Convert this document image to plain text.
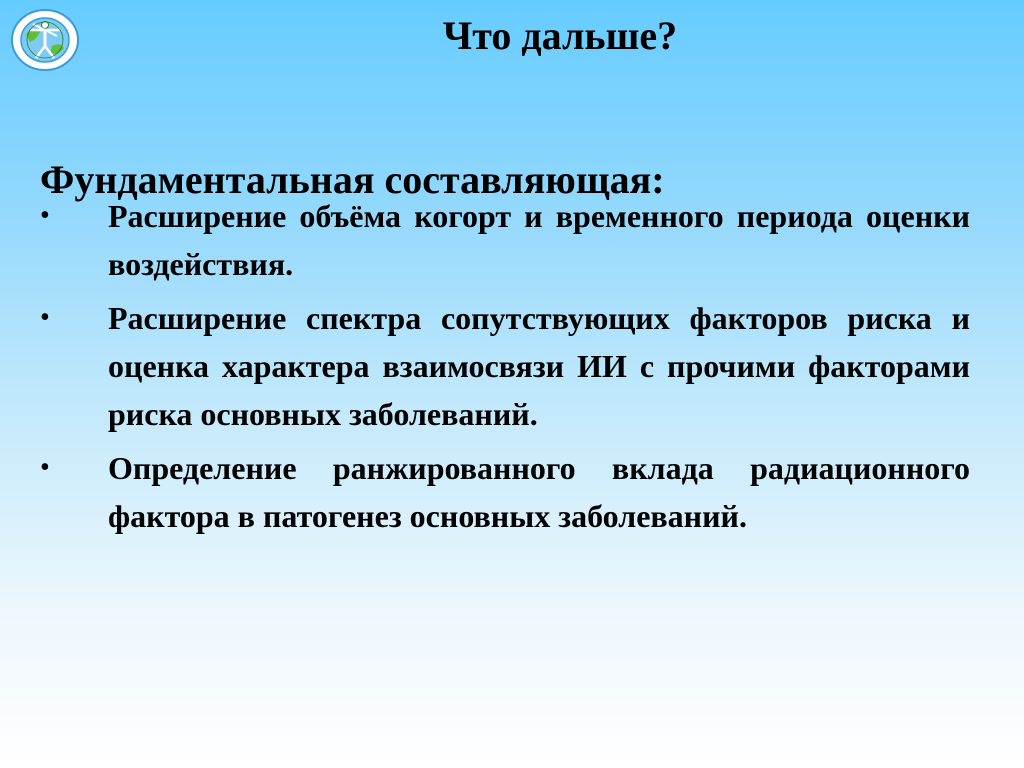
Что дальше?
Фундаментальная составляющая:
• Расширение объёма когорт и временного периода оценки воздействия.
• Расширение спектра сопутствующих факторов риска и оценка характера взаимосвязи ИИ с прочими факторами риска основных заболеваний.
• Определение ранжированного вклада радиационного фактора в патогенез основных заболеваний.
